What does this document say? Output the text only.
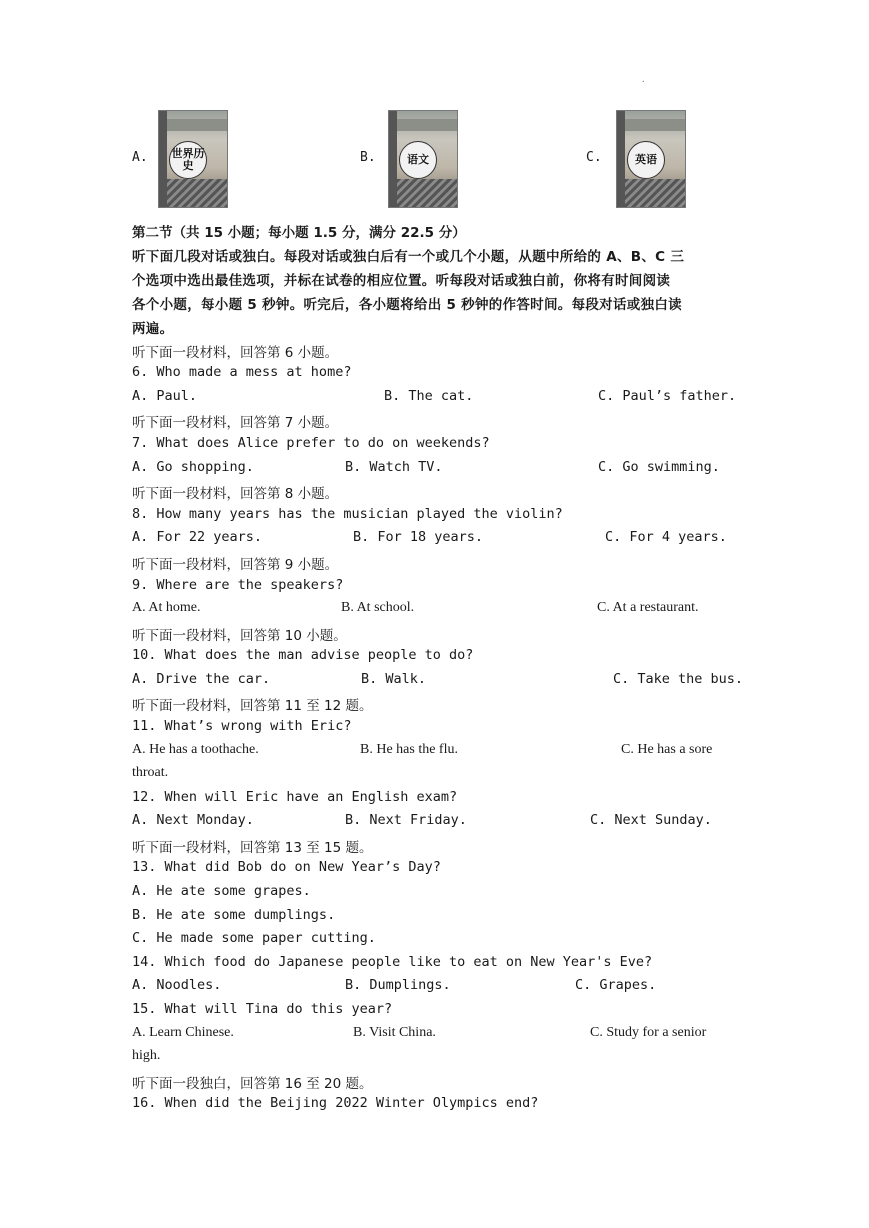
.
A. 世界历史
B.	语文	C.	英语
第二节（共 15 小题；每小题 1.5 分，满分 22.5 分）
听下面几段对话或独白。每段对话或独白后有一个或几个小题，从题中所给的 A、B、C 三
个选项中选出最佳选项，并标在试卷的相应位置。听每段对话或独白前，你将有时间阅读
各个小题，每小题 5 秒钟。听完后，各小题将给出 5 秒钟的作答时间。每段对话或独白读
两遍。
听下面一段材料，回答第 6 小题。
6. Who made a mess at home?
A. Paul.	B. The cat.	C. Paul’s father.
听下面一段材料，回答第 7 小题。
7. What does Alice prefer to do on weekends?
A. Go shopping.	B. Watch TV.	C. Go swimming.
听下面一段材料，回答第 8 小题。
8. How many years has the musician played the violin?
A. For 22 years.	B. For 18 years.	C. For 4 years.
听下面一段材料，回答第 9 小题。
9. Where are the speakers?
A. At home.	B. At school.	C. At a restaurant.
听下面一段材料，回答第 10 小题。
10. What does the man advise people to do?
A. Drive the car.	B. Walk.	C. Take the bus.
听下面一段材料，回答第 11 至 12 题。
11. What’s wrong with Eric?
A. He has a toothache.	B. He has the flu.	C. He has a sore
throat.
12. When will Eric have an English exam?
A. Next Monday.	B. Next Friday.	C. Next Sunday.
听下面一段材料，回答第 13 至 15 题。
13. What did Bob do on New Year’s Day?
A. He ate some grapes.
B. He ate some dumplings.
C. He made some paper cutting.
14. Which food do Japanese people like to eat on New Year's Eve?
A. Noodles.	B. Dumplings.	C. Grapes.
15. What will Tina do this year?
A. Learn Chinese.	B. Visit China.	C. Study for a senior
high.
听下面一段独白，回答第 16 至 20 题。
16. When did the Beijing 2022 Winter Olympics end?
